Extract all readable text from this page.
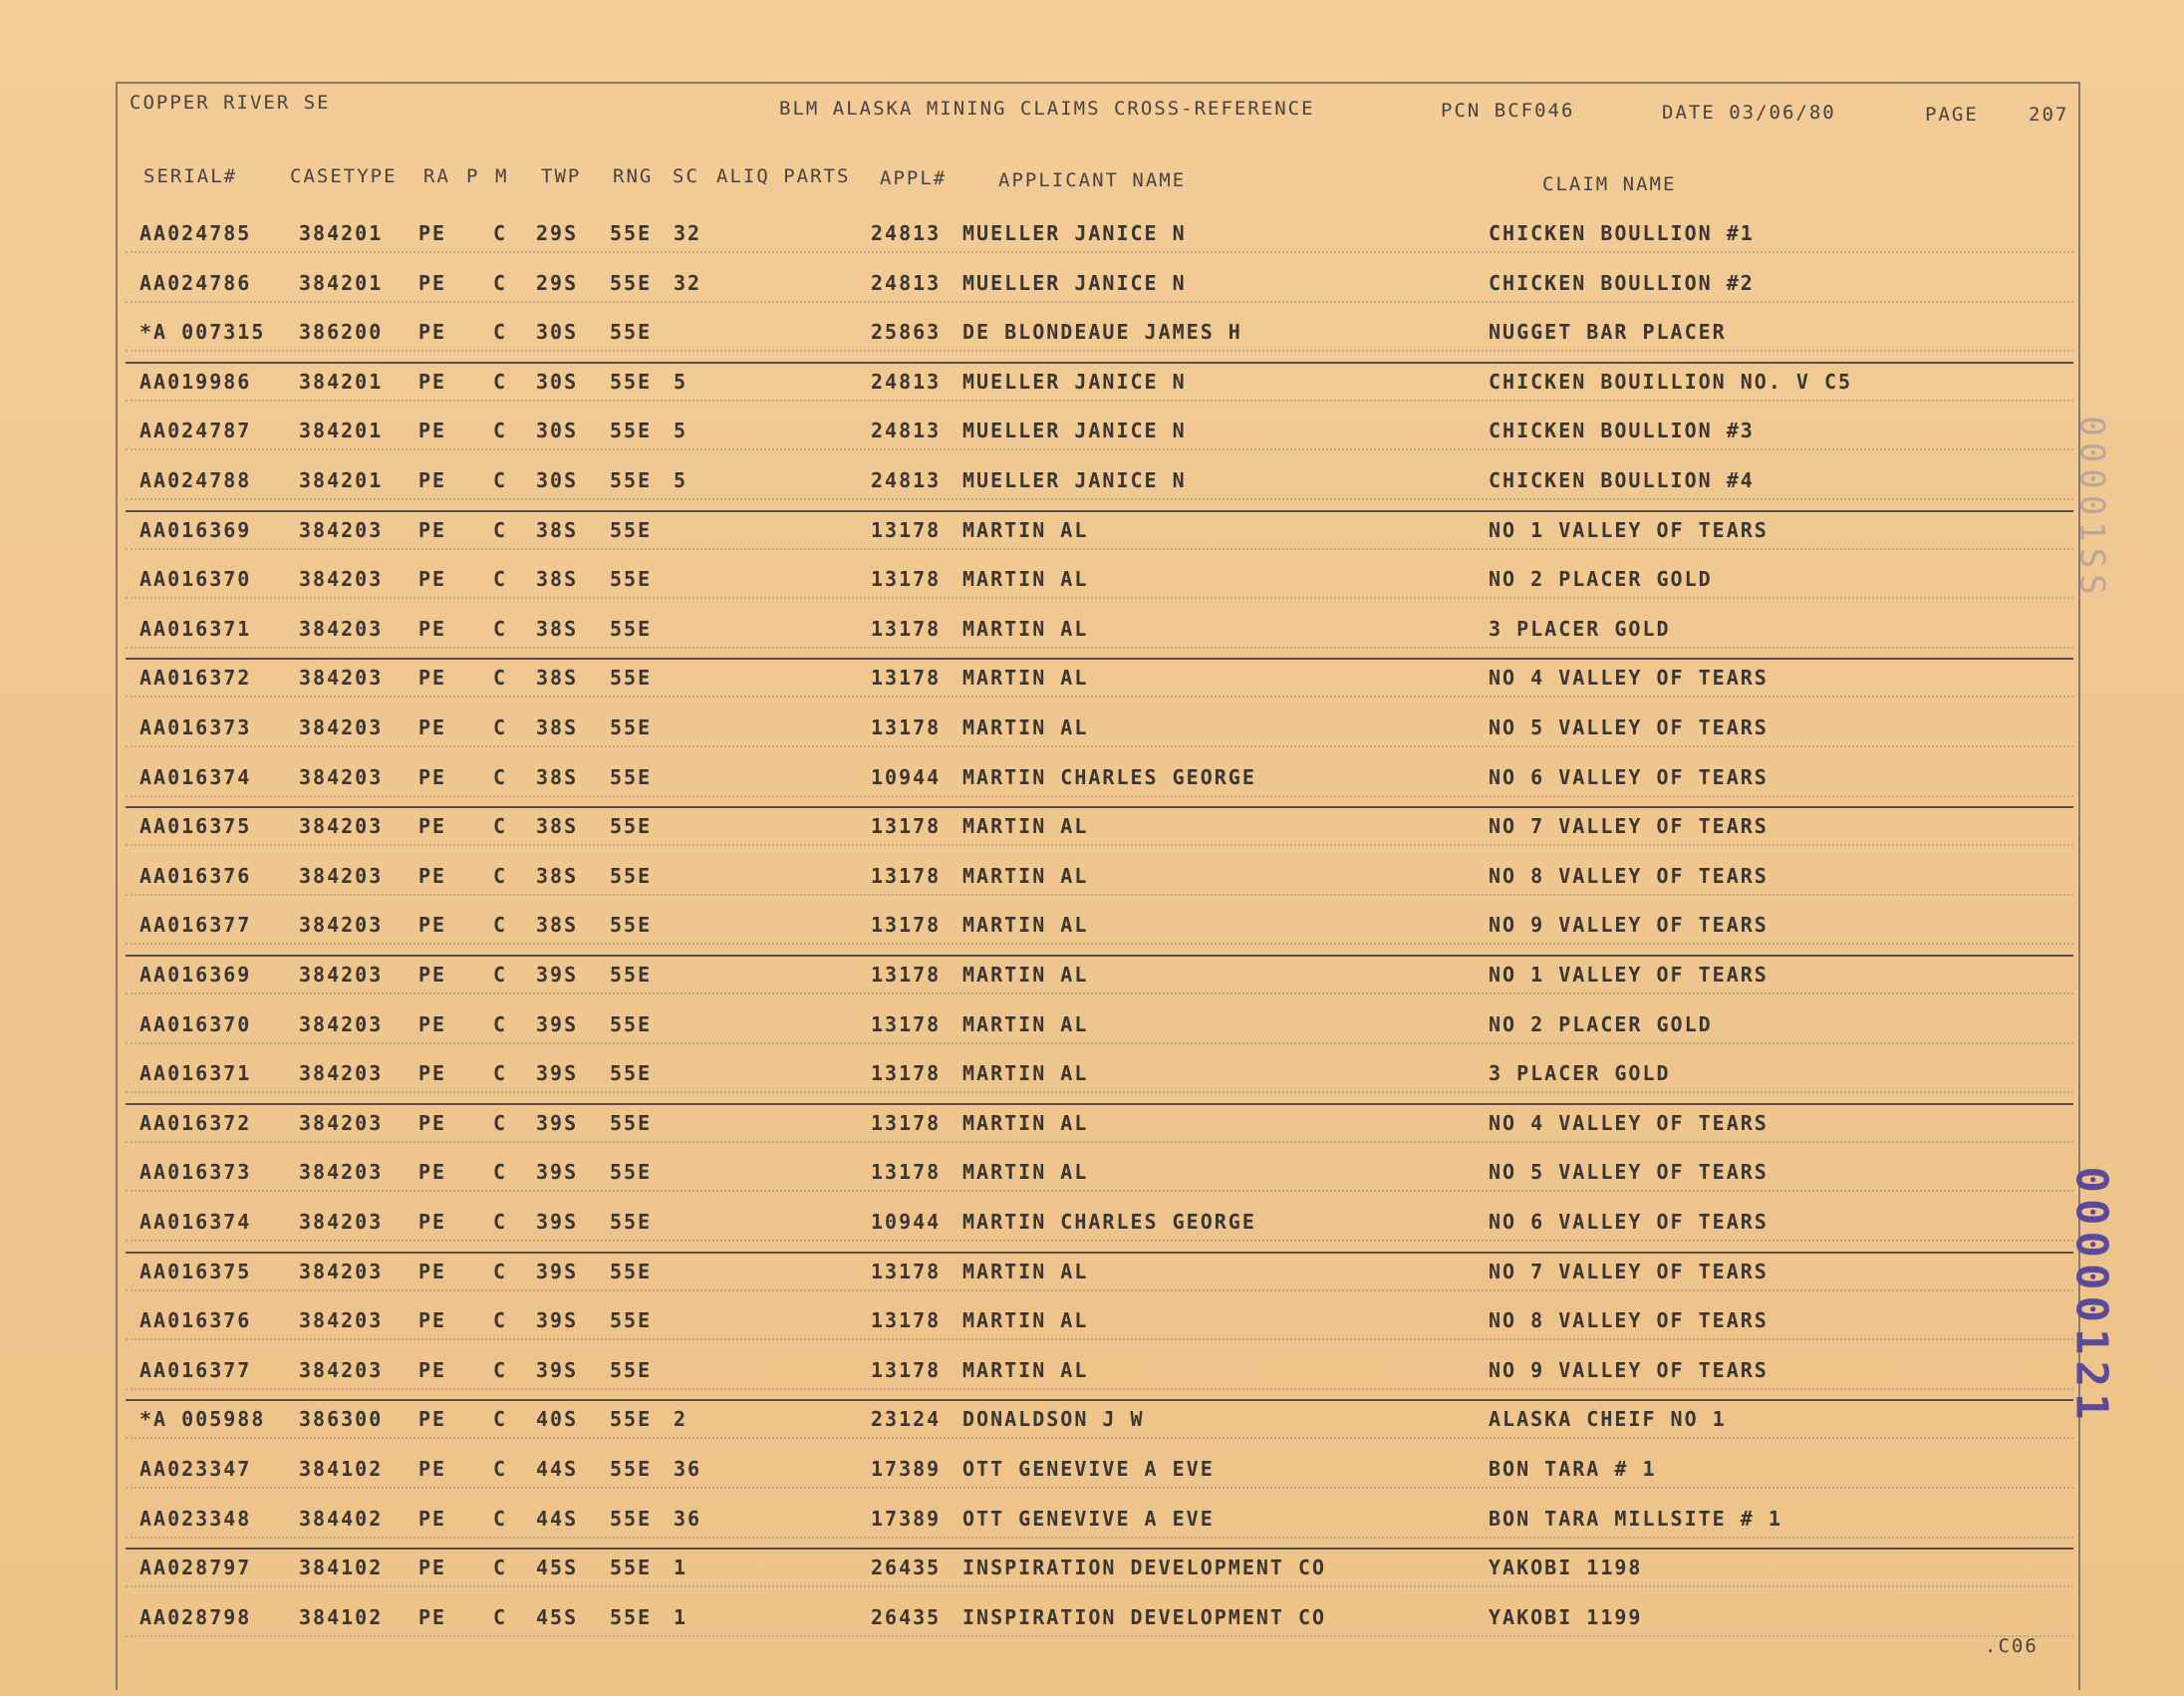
COPPER RIVER SE	BLM ALASKA MINING CLAIMS CROSS-REFERENCE	PCN BCF046	DATE 03/06/80	PAGE	207
SERIAL#	CASETYPE RA P M TWP RNG SC ALIQ PARTS APPL#	APPLICANT NAME	CLAIM NAME
AA024785 384201 PE C 29S 55E 32	24813 MUELLER JANICE N	CHICKEN BOULLION #1
AA024786 384201 PE C 29S 55E 32	24813 MUELLER JANICE N	CHICKEN BOULLION #2
*A 007315 386200 PE C 30S 55E	25863 DE BLONDEAUE JAMES H	NUGGET BAR PLACER
AA019986 384201 PE C 30S 55E 5	24813 MUELLER JANICE N	CHICKEN BOUILLION NO. V C5
AA024787 384201 PE C 30S 55E 5	24813 MUELLER JANICE N	CHICKEN BOULLION #3
AA024788 384201 PE C 30S 55E 5	24813 MUELLER JANICE N	CHICKEN BOULLION #4
AA016369 384203 PE C 38S 55E	13178 MARTIN AL	NO 1 VALLEY OF TEARS
AA016370 384203 PE C 38S 55E	13178 MARTIN AL	NO 2 PLACER GOLD
AA016371 384203 PE C 38S 55E	13178 MARTIN AL	3 PLACER GOLD
AA016372 384203 PE C 38S 55E	13178 MARTIN AL	NO 4 VALLEY OF TEARS
AA016373 384203 PE C 38S 55E	13178 MARTIN AL	NO 5 VALLEY OF TEARS
AA016374 384203 PE C 38S 55E	10944 MARTIN CHARLES GEORGE	NO 6 VALLEY OF TEARS
AA016375 384203 PE C 38S 55E	13178 MARTIN AL	NO 7 VALLEY OF TEARS
AA016376 384203 PE C 38S 55E	13178 MARTIN AL	NO 8 VALLEY OF TEARS
AA016377 384203 PE C 38S 55E	13178 MARTIN AL	NO 9 VALLEY OF TEARS
AA016369 384203 PE C 39S 55E	13178 MARTIN AL	NO 1 VALLEY OF TEARS
AA016370 384203 PE C 39S 55E	13178 MARTIN AL	NO 2 PLACER GOLD
AA016371 384203 PE C 39S 55E	13178 MARTIN AL	3 PLACER GOLD
AA016372 384203 PE C 39S 55E	13178 MARTIN AL	NO 4 VALLEY OF TEARS
AA016373 384203 PE C 39S 55E	13178 MARTIN AL	NO 5 VALLEY OF TEARS
AA016374 384203 PE C 39S 55E	10944 MARTIN CHARLES GEORGE	NO 6 VALLEY OF TEARS
AA016375 384203 PE C 39S 55E	13178 MARTIN AL	NO 7 VALLEY OF TEARS
AA016376 384203 PE C 39S 55E	13178 MARTIN AL	NO 8 VALLEY OF TEARS
AA016377 384203 PE C 39S 55E	13178 MARTIN AL	NO 9 VALLEY OF TEARS
*A 005988 386300 PE C 40S 55E 2	23124 DONALDSON J W	ALASKA CHEIF NO 1
AA023347 384102 PE C 44S 55E 36	17389 OTT GENEVIVE A EVE	BON TARA # 1
AA023348 384402 PE C 44S 55E 36	17389 OTT GENEVIVE A EVE	BON TARA MILLSITE # 1
AA028797 384102 PE C 45S 55E 1	26435 INSPIRATION DEVELOPMENT CO	YAKOBI 1198
AA028798 384102 PE C 45S 55E 1	26435 INSPIRATION DEVELOPMENT CO	YAKOBI 1199
00001SS
00000121
.C06
